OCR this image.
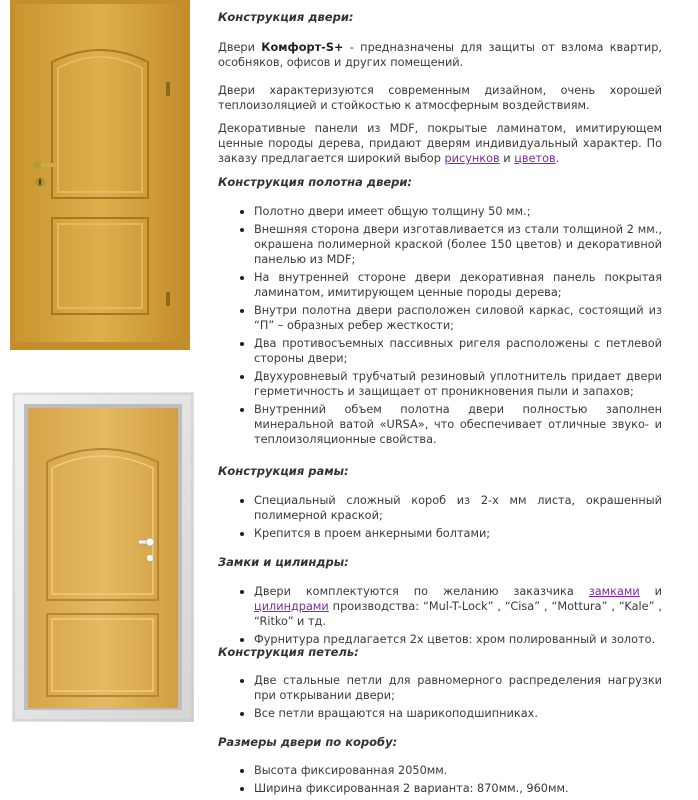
Конструкция двери:

Двери Комфорт-S+ - предназначены для защиты от взлома квартир, особняков, офисов и других помещений.

Двери характеризуются современным дизайном, очень хорошей теплоизоляцией и стойкостью к атмосферным воздействиям.

Декоративные панели из MDF, покрытые ламинатом, имитирующем ценные породы дерева, придают дверям индивидуальный характер. По заказу предлагается широкий выбор рисунков и цветов.

Конструкция полотна двери:
Полотно двери имеет общую толщину 50 мм.;
Внешняя сторона двери изготавливается из стали толщиной 2 мм., окрашена полимерной краской (более 150 цветов) и декоративной панелью из MDF;
На внутренней стороне двери декоративная панель покрытая ламинатом, имитирующем ценные породы дерева;
Внутри полотна двери расположен силовой каркас, состоящий из “П” – образных ребер жесткости;
Два противосъемных пассивных ригеля расположены с петлевой стороны двери;
Двухуровневый трубчатый резиновый уплотнитель придает двери герметичность и защищает от проникновения пыли и запахов;
Внутренний объем полотна двери полностью заполнен минеральной ватой «URSA», что обеспечивает отличные звуко- и теплоизоляционные свойства.
Конструкция рамы:
Специальный сложный короб из 2-х мм листа, окрашенный полимерной краской;
Крепится в проем анкерными болтами;
Замки и цилиндры:
Двери комплектуются по желанию заказчика замками и цилиндрами производства: “Mul-T-Lock” , “Cisa” , “Mottura” , “Kale” , “Ritko” и тд.
Фурнитура предлагается 2х цветов: хром полированный и золото.
Конструкция петель:
Две стальные петли для равномерного распределения нагрузки при открывании двери;
Все петли вращаются на шарикоподшипниках.
Размеры двери по коробу:
Высота фиксированная 2050мм.
Ширина фиксированная 2 варианта: 870мм., 960мм.
